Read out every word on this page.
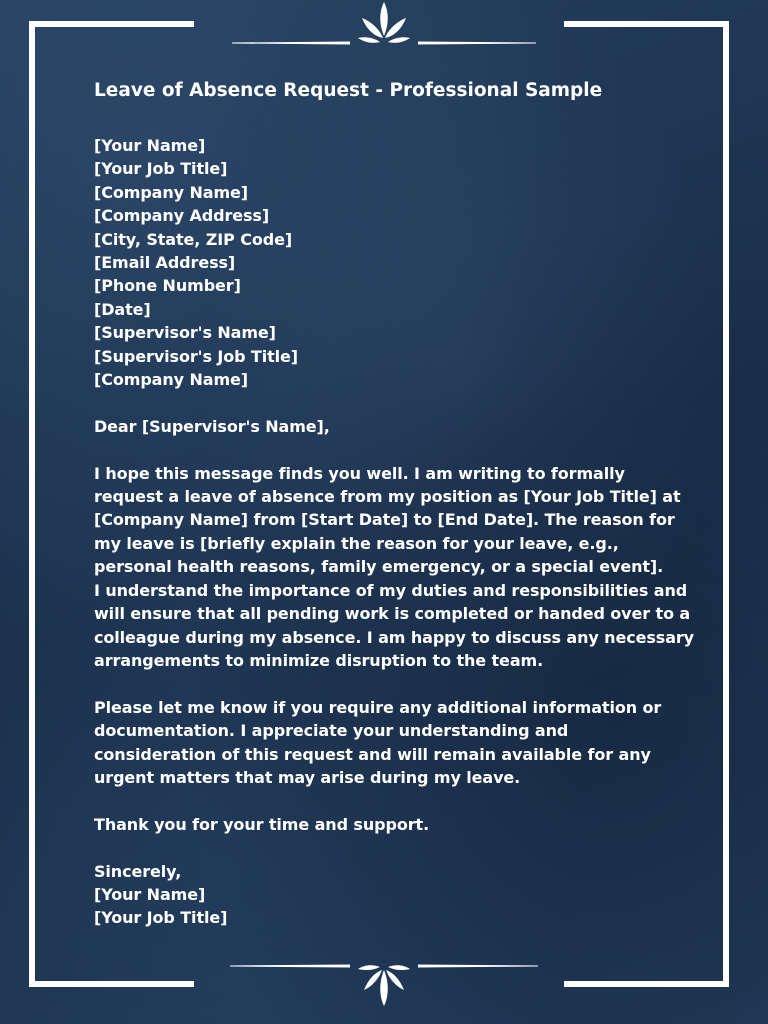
Leave of Absence Request - Professional Sample
[Your Name]
[Your Job Title]
[Company Name]
[Company Address]
[City, State, ZIP Code]
[Email Address]
[Phone Number]
[Date]
[Supervisor's Name]
[Supervisor's Job Title]
[Company Name]
Dear [Supervisor's Name],
I hope this message finds you well. I am writing to formally
request a leave of absence from my position as [Your Job Title] at
[Company Name] from [Start Date] to [End Date]. The reason for
my leave is [briefly explain the reason for your leave, e.g.,
personal health reasons, family emergency, or a special event].
I understand the importance of my duties and responsibilities and
will ensure that all pending work is completed or handed over to a
colleague during my absence. I am happy to discuss any necessary
arrangements to minimize disruption to the team.
Please let me know if you require any additional information or
documentation. I appreciate your understanding and
consideration of this request and will remain available for any
urgent matters that may arise during my leave.
Thank you for your time and support.
Sincerely,
[Your Name]
[Your Job Title]
